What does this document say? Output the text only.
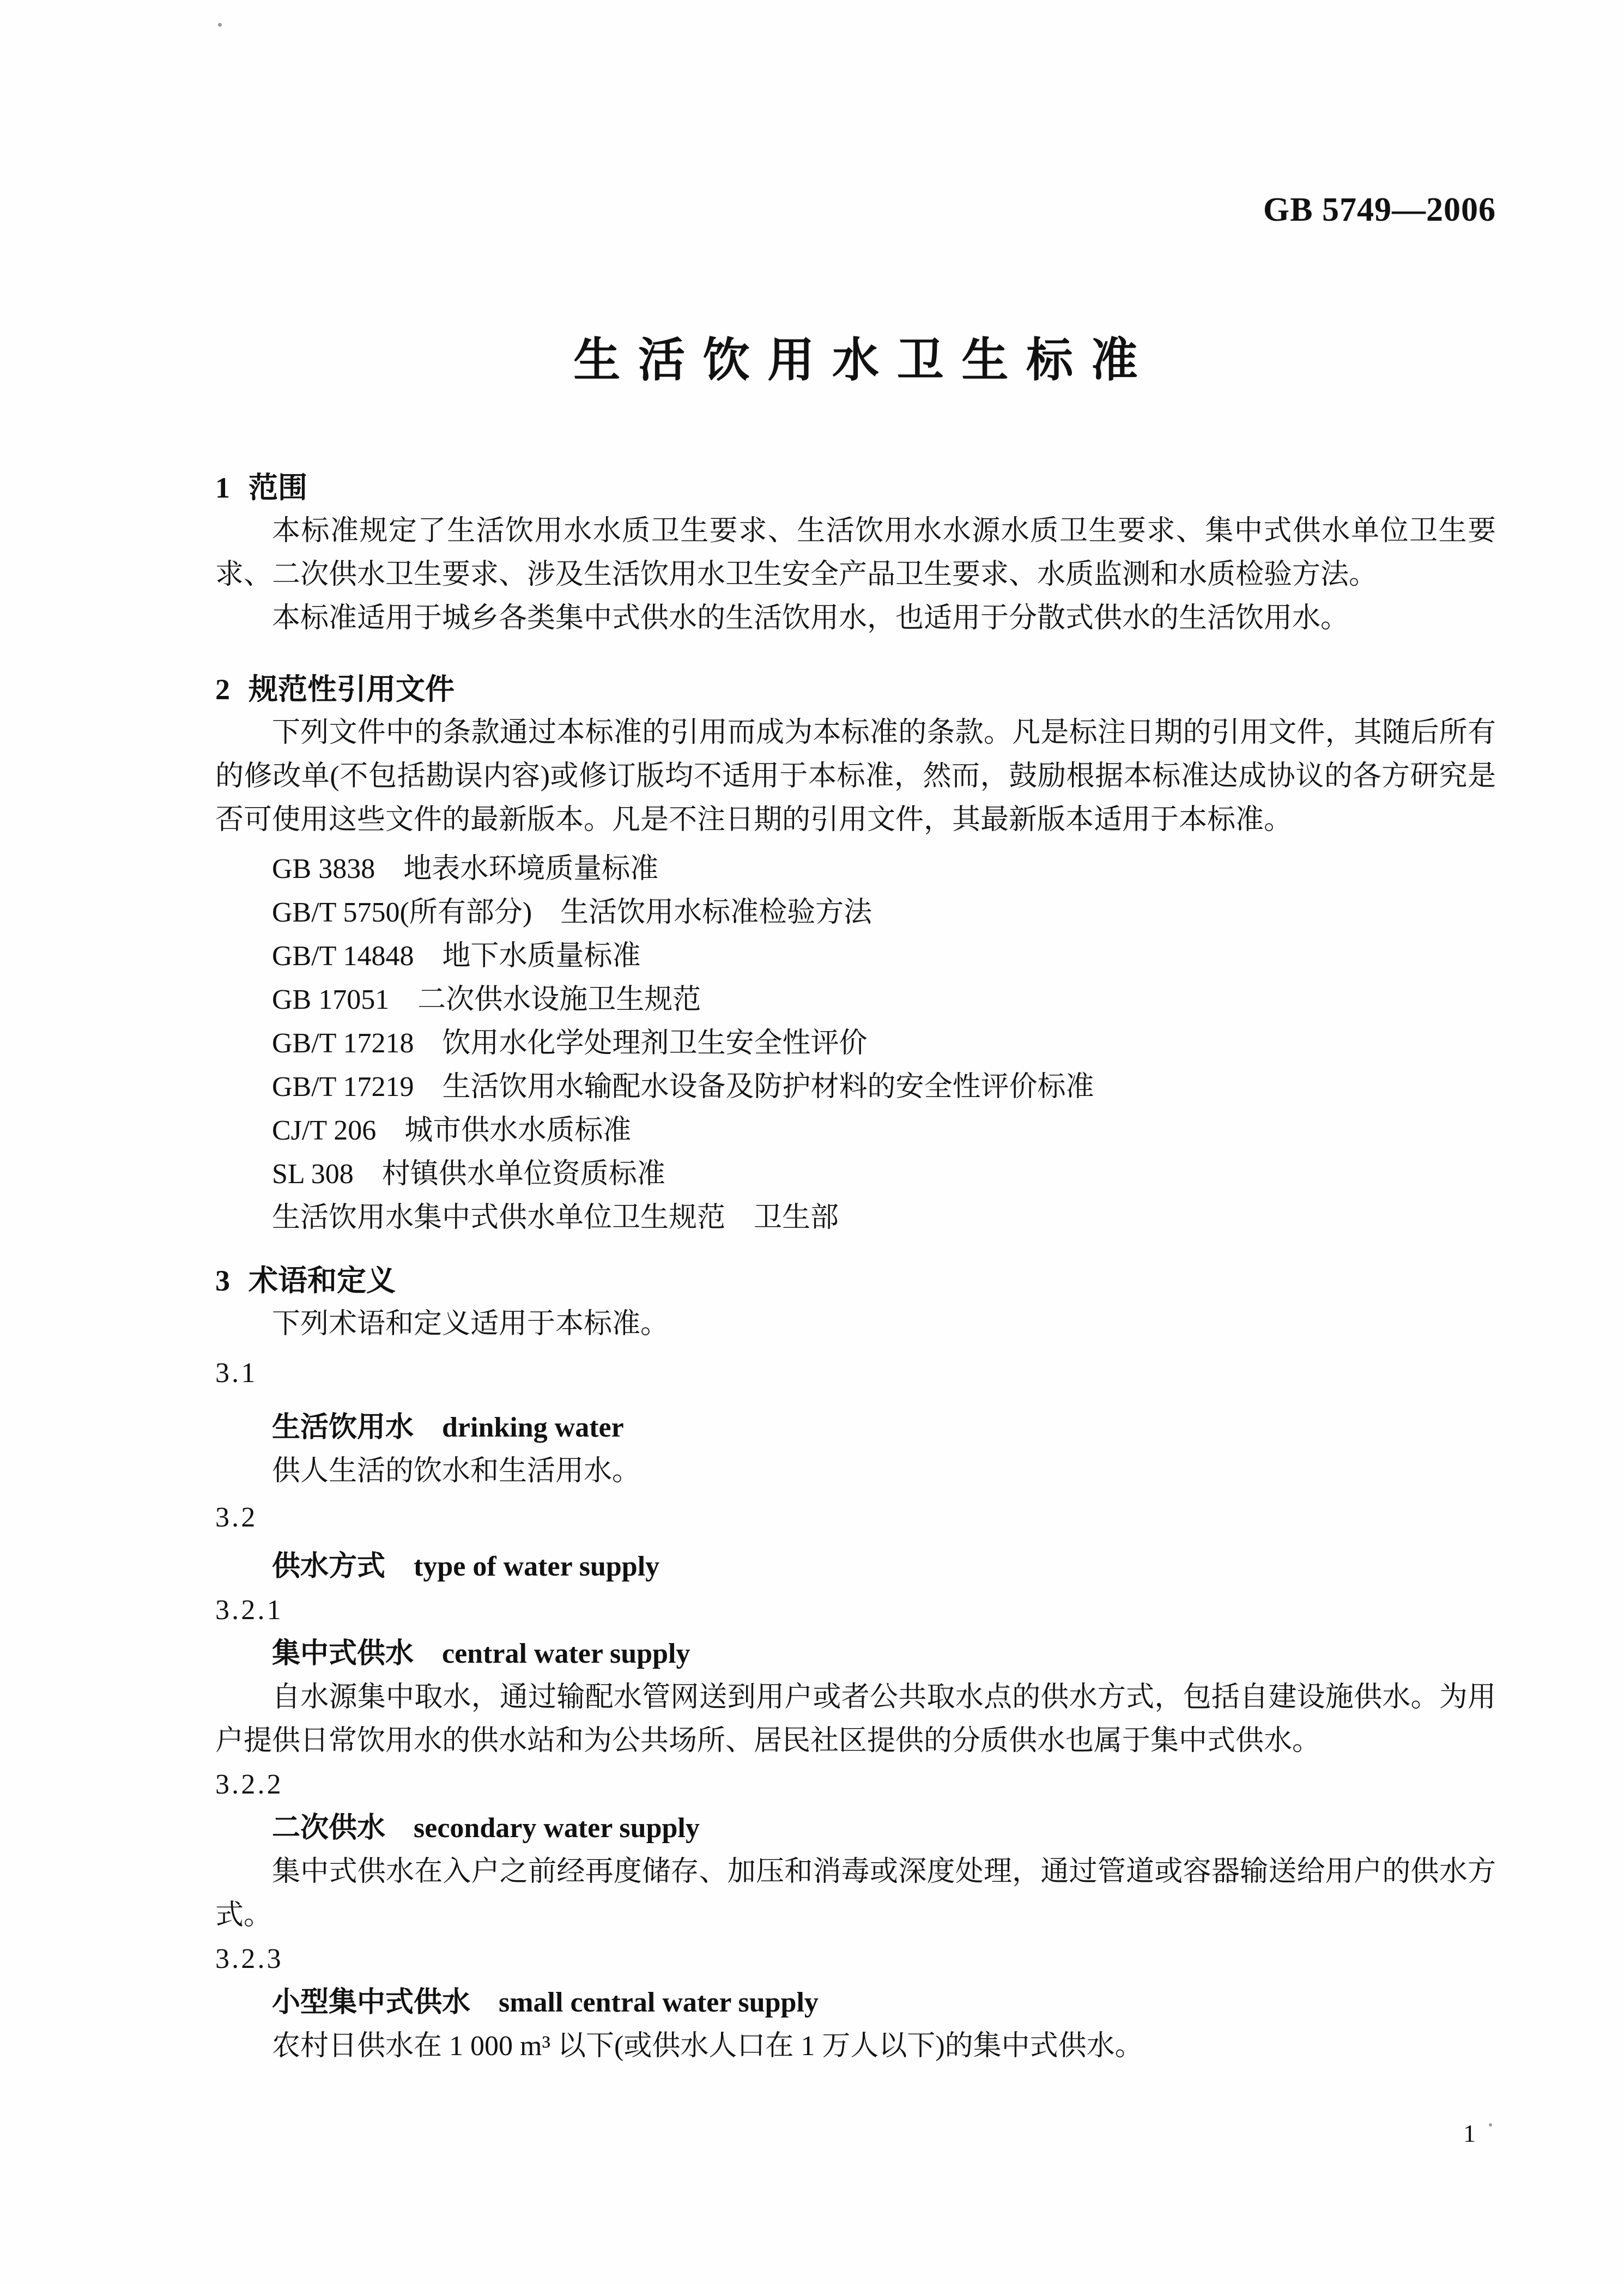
GB 5749—2006
生活饮用水卫生标准
1 范围

本标准规定了生活饮用水水质卫生要求、生活饮用水水源水质卫生要求、集中式供水单位卫生要求、二次供水卫生要求、涉及生活饮用水卫生安全产品卫生要求、水质监测和水质检验方法。

本标准适用于城乡各类集中式供水的生活饮用水，也适用于分散式供水的生活饮用水。

2 规范性引用文件

下列文件中的条款通过本标准的引用而成为本标准的条款。凡是标注日期的引用文件，其随后所有的修改单(不包括勘误内容)或修订版均不适用于本标准，然而，鼓励根据本标准达成协议的各方研究是否可使用这些文件的最新版本。凡是不注日期的引用文件，其最新版本适用于本标准。

GB 3838　地表水环境质量标准
GB/T 5750(所有部分)　生活饮用水标准检验方法
GB/T 14848　地下水质量标准
GB 17051　二次供水设施卫生规范
GB/T 17218　饮用水化学处理剂卫生安全性评价
GB/T 17219　生活饮用水输配水设备及防护材料的安全性评价标准
CJ/T 206　城市供水水质标准
SL 308　村镇供水单位资质标准
生活饮用水集中式供水单位卫生规范　卫生部
3 术语和定义

下列术语和定义适用于本标准。

3.1
生活饮用水　drinking water

供人生活的饮水和生活用水。

3.2
供水方式　type of water supply
3.2.1
集中式供水　central water supply

自水源集中取水，通过输配水管网送到用户或者公共取水点的供水方式，包括自建设施供水。为用户提供日常饮用水的供水站和为公共场所、居民社区提供的分质供水也属于集中式供水。

3.2.2
二次供水　secondary water supply

集中式供水在入户之前经再度储存、加压和消毒或深度处理，通过管道或容器输送给用户的供水方式。

3.2.3
小型集中式供水　small central water supply

农村日供水在 1 000 m³ 以下(或供水人口在 1 万人以下)的集中式供水。

1
